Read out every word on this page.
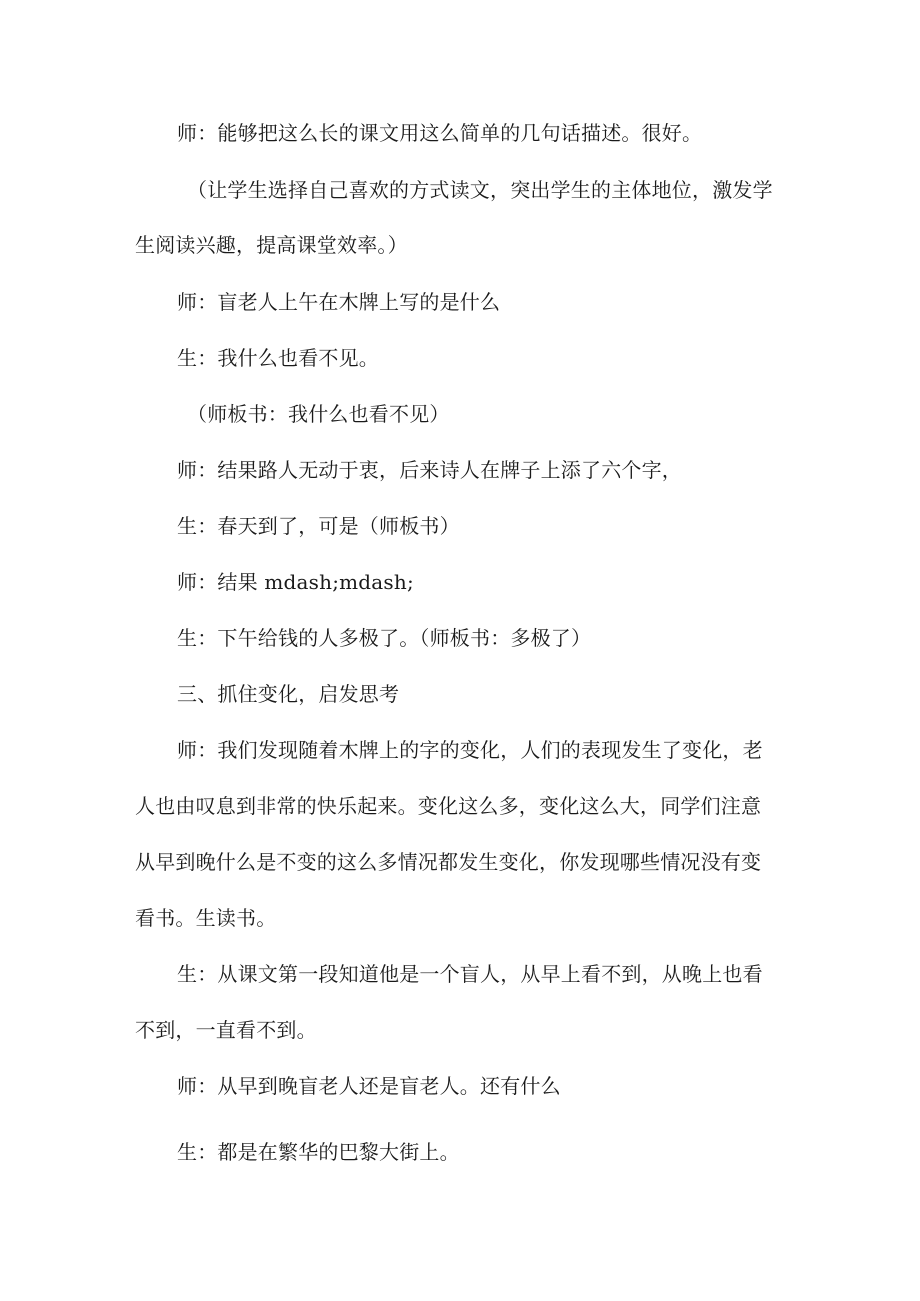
师：能够把这么长的课文用这么简单的几句话描述。很好。
（让学生选择自己喜欢的方式读文，突出学生的主体地位，激发学
生阅读兴趣，提高课堂效率。）
师：盲老人上午在木牌上写的是什么
生：我什么也看不见。
（师板书：我什么也看不见）
师：结果路人无动于衷，后来诗人在牌子上添了六个字，
生：春天到了，可是（师板书）
师：结果 mdash;mdash;
生：下午给钱的人多极了。（师板书：多极了）
三、抓住变化，启发思考
师：我们发现随着木牌上的字的变化，人们的表现发生了变化，老
人也由叹息到非常的快乐起来。变化这么多，变化这么大，同学们注意
从早到晚什么是不变的这么多情况都发生变化，你发现哪些情况没有变
看书。生读书。
生：从课文第一段知道他是一个盲人，从早上看不到，从晚上也看
不到，一直看不到。
师：从早到晚盲老人还是盲老人。还有什么
生：都是在繁华的巴黎大街上。
